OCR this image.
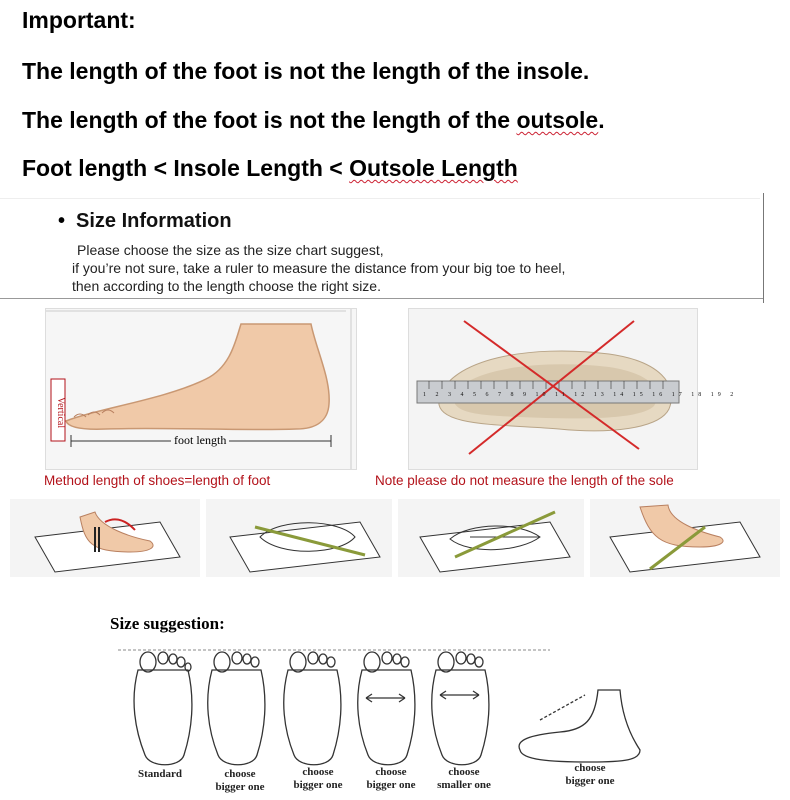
Important:
The length of the foot is not the length of the insole.
The length of the foot is not the length of the outsole.
Foot length < Insole Length < Outsole Length
• Size Information
Please choose the size as the size chart suggest,
if you’re not sure, take a ruler to measure the distance from your big toe to heel,
then according to the length choose the right size.
Vertical
foot length
1 2 3 4 5 6 7 8 9 10 11 12 13 14 15 16 17 18 19 2
Method length of shoes=length of foot	Note please do not measure the length of the sole
Size suggestion:
Standard	choose
bigger one
choose
bigger one
choose
bigger one
choose
smaller one
choose
bigger one
